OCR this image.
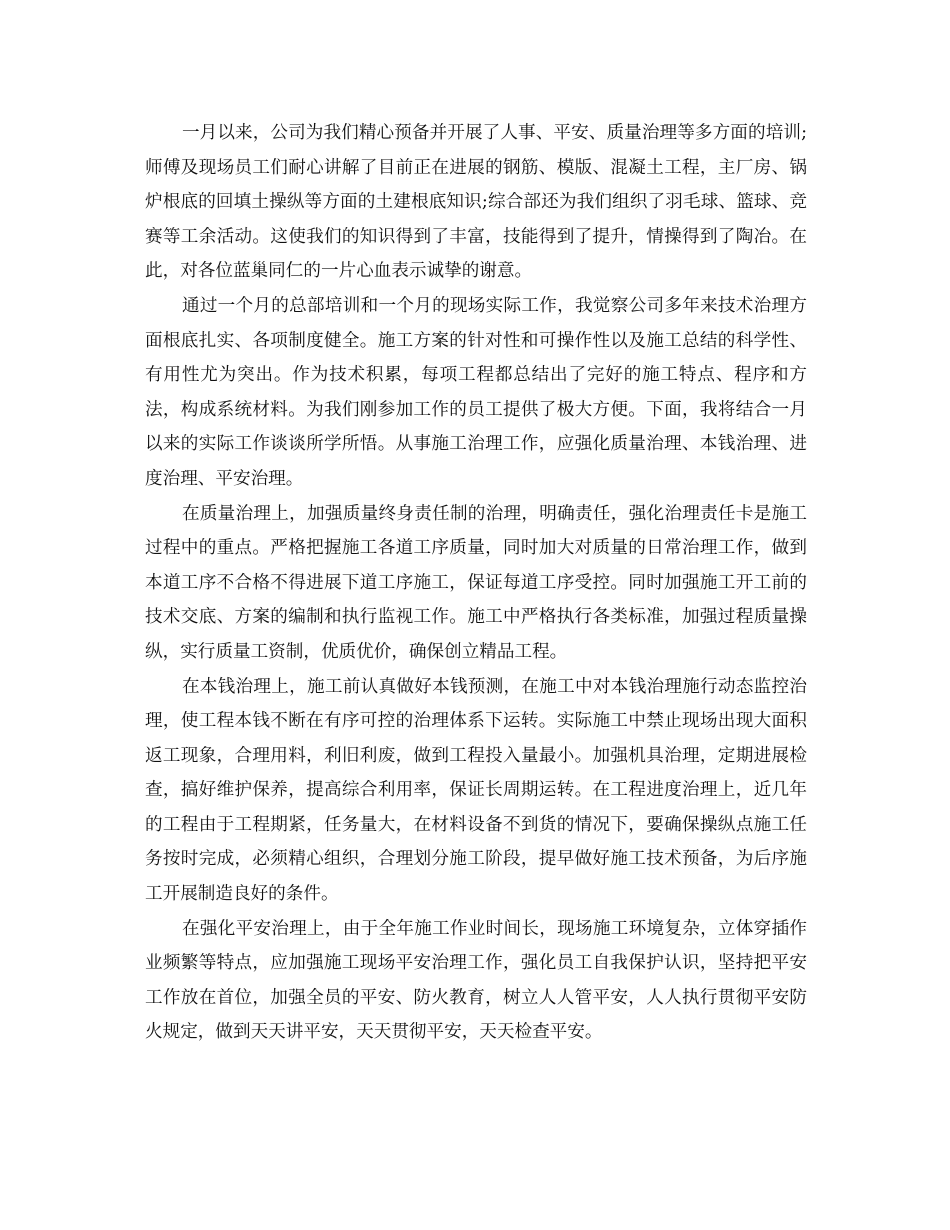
一月以来，公司为我们精心预备并开展了人事、平安、质量治理等多方面的培训;师傅及现场员工们耐心讲解了目前正在进展的钢筋、模版、混凝土工程，主厂房、锅炉根底的回填土操纵等方面的土建根底知识;综合部还为我们组织了羽毛球、篮球、竞赛等工余活动。这使我们的知识得到了丰富，技能得到了提升，情操得到了陶冶。在此，对各位蓝巢同仁的一片心血表示诚挚的谢意。

通过一个月的总部培训和一个月的现场实际工作，我觉察公司多年来技术治理方面根底扎实、各项制度健全。施工方案的针对性和可操作性以及施工总结的科学性、有用性尤为突出。作为技术积累，每项工程都总结出了完好的施工特点、程序和方法，构成系统材料。为我们刚参加工作的员工提供了极大方便。下面，我将结合一月以来的实际工作谈谈所学所悟。从事施工治理工作，应强化质量治理、本钱治理、进度治理、平安治理。

在质量治理上，加强质量终身责任制的治理，明确责任，强化治理责任卡是施工过程中的重点。严格把握施工各道工序质量，同时加大对质量的日常治理工作，做到本道工序不合格不得进展下道工序施工，保证每道工序受控。同时加强施工开工前的技术交底、方案的编制和执行监视工作。施工中严格执行各类标准，加强过程质量操纵，实行质量工资制，优质优价，确保创立精品工程。

在本钱治理上，施工前认真做好本钱预测，在施工中对本钱治理施行动态监控治理，使工程本钱不断在有序可控的治理体系下运转。实际施工中禁止现场出现大面积返工现象，合理用料，利旧利废，做到工程投入量最小。加强机具治理，定期进展检查，搞好维护保养，提高综合利用率，保证长周期运转。在工程进度治理上，近几年的工程由于工程期紧，任务量大，在材料设备不到货的情况下，要确保操纵点施工任务按时完成，必须精心组织，合理划分施工阶段，提早做好施工技术预备，为后序施工开展制造良好的条件。

在强化平安治理上，由于全年施工作业时间长，现场施工环境复杂，立体穿插作业频繁等特点，应加强施工现场平安治理工作，强化员工自我保护认识，坚持把平安工作放在首位，加强全员的平安、防火教育，树立人人管平安，人人执行贯彻平安防火规定，做到天天讲平安，天天贯彻平安，天天检查平安。
